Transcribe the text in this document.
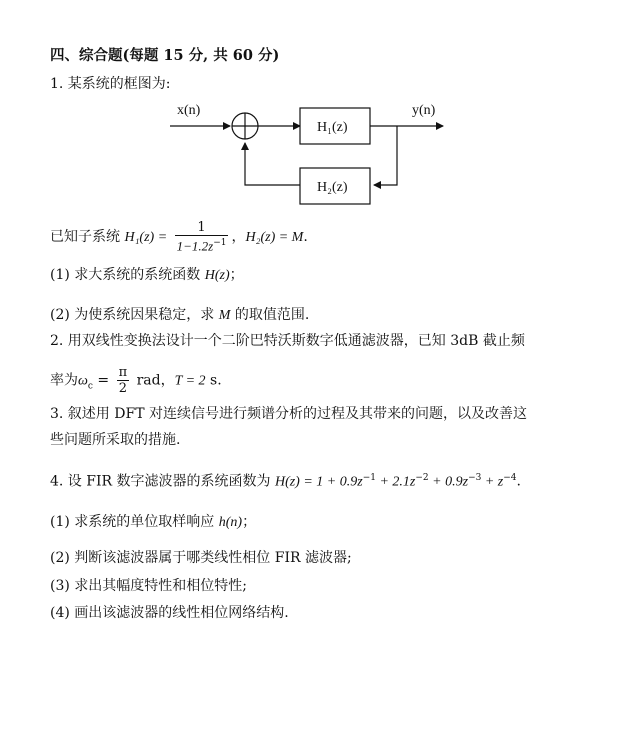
四、综合题(每题 15 分, 共 60 分)
1. 某系统的框图为:
x(n)
H₁(z)
y(n)
H₂(z)
已知子系统 $H_1(z) = \frac{1}{1-1.2z^{-1}}$ ，H₂(z) = M.
(1) 求大系统的系统函数 H(z)；
(2) 为使系统因果稳定，求 M 的取值范围.
2. 用双线性变换法设计一个二阶巴特沃斯数字低通滤波器，已知 3dB 截止频
率为$\omega_c = \frac{\pi}{2}$ rad，T = 2 s.
3. 叙述用 DFT 对连续信号进行频谱分析的过程及其带来的问题，以及改善这
些问题所采取的措施.
4. 设 FIR 数字滤波器的系统函数为 $H(z) = 1 + 0.9z^{-1} + 2.1z^{-2} + 0.9z^{-3} + z^{-4}$.
(1) 求系统的单位取样响应 h(n)；
(2) 判断该滤波器属于哪类线性相位 FIR 滤波器;
(3) 求出其幅度特性和相位特性;
(4) 画出该滤波器的线性相位网络结构.
